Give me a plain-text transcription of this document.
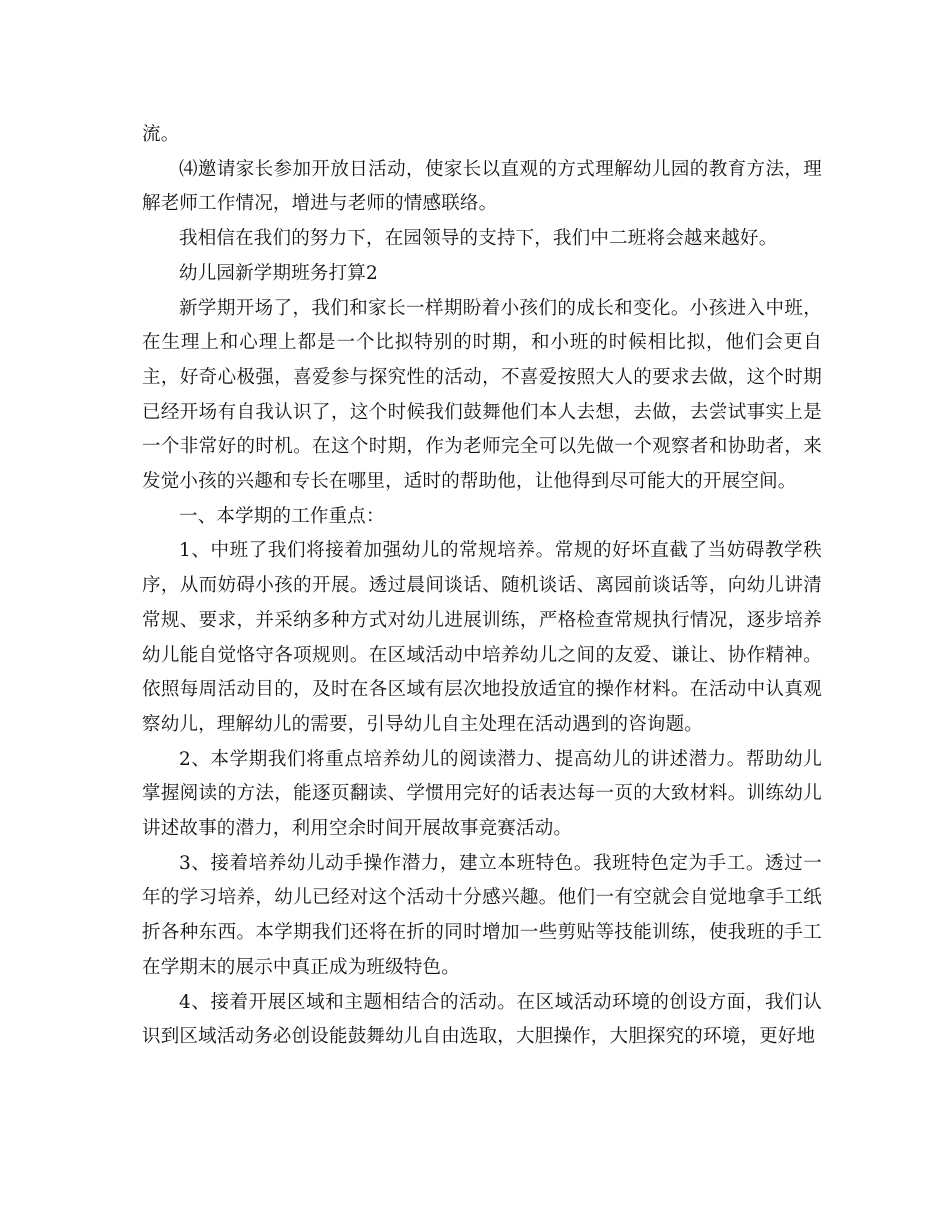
流。

⑷邀请家长参加开放日活动，使家长以直观的方式理解幼儿园的教育方法，理解老师工作情况，增进与老师的情感联络。

我相信在我们的努力下，在园领导的支持下，我们中二班将会越来越好。

幼儿园新学期班务打算2

新学期开场了，我们和家长一样期盼着小孩们的成长和变化。小孩进入中班，在生理上和心理上都是一个比拟特别的时期，和小班的时候相比拟，他们会更自主，好奇心极强，喜爱参与探究性的活动，不喜爱按照大人的要求去做，这个时期已经开场有自我认识了，这个时候我们鼓舞他们本人去想，去做，去尝试事实上是一个非常好的时机。在这个时期，作为老师完全可以先做一个观察者和协助者，来发觉小孩的兴趣和专长在哪里，适时的帮助他，让他得到尽可能大的开展空间。

一、本学期的工作重点：

1、中班了我们将接着加强幼儿的常规培养。常规的好坏直截了当妨碍教学秩序，从而妨碍小孩的开展。透过晨间谈话、随机谈话、离园前谈话等，向幼儿讲清常规、要求，并采纳多种方式对幼儿进展训练，严格检查常规执行情况，逐步培养幼儿能自觉恪守各项规则。在区域活动中培养幼儿之间的友爱、谦让、协作精神。依照每周活动目的，及时在各区域有层次地投放适宜的操作材料。在活动中认真观察幼儿，理解幼儿的需要，引导幼儿自主处理在活动遇到的咨询题。

2、本学期我们将重点培养幼儿的阅读潜力、提高幼儿的讲述潜力。帮助幼儿掌握阅读的方法，能逐页翻读、学惯用完好的话表达每一页的大致材料。训练幼儿讲述故事的潜力，利用空余时间开展故事竞赛活动。

3、接着培养幼儿动手操作潜力，建立本班特色。我班特色定为手工。透过一年的学习培养，幼儿已经对这个活动十分感兴趣。他们一有空就会自觉地拿手工纸折各种东西。本学期我们还将在折的同时增加一些剪贴等技能训练，使我班的手工在学期末的展示中真正成为班级特色。

4、接着开展区域和主题相结合的活动。在区域活动环境的创设方面，我们认识到区域活动务必创设能鼓舞幼儿自由选取，大胆操作，大胆探究的环境，更好地
